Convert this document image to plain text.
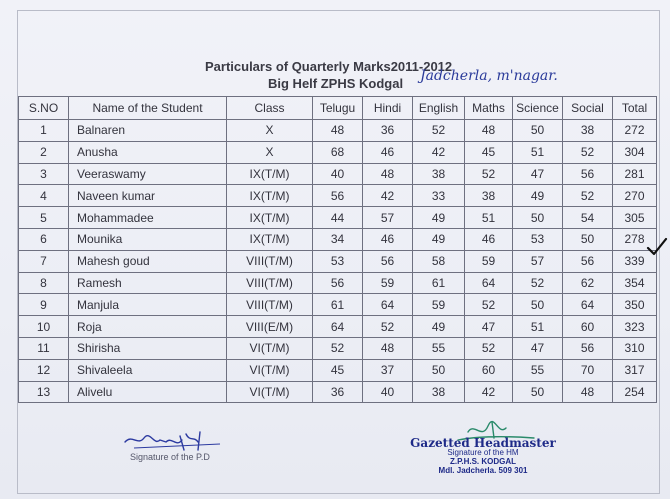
Particulars of Quarterly Marks2011-2012
Big Helf ZPHS Kodgal Jadcherla, m'nagar.
S.NO	Name of the Student	Class	Telugu	Hindi	English	Maths	Science	Social	Total
1	Balnaren	X	48	36	52	48	50	38	272
2	Anusha	X	68	46	42	45	51	52	304
3	Veeraswamy	IX(T/M)	40	48	38	52	47	56	281
4	Naveen kumar	IX(T/M)	56	42	33	38	49	52	270
5	Mohammadee	IX(T/M)	44	57	49	51	50	54	305
6	Mounika	IX(T/M)	34	46	49	46	53	50	278
7	Mahesh goud	VIII(T/M)	53	56	58	59	57	56	339
8	Ramesh	VIII(T/M)	56	59	61	64	52	62	354
9	Manjula	VIII(T/M)	61	64	59	52	50	64	350
10	Roja	VIII(E/M)	64	52	49	47	51	60	323
11	Shirisha	VI(T/M)	52	48	55	52	47	56	310
12	Shivaleela	VI(T/M)	45	37	50	60	55	70	317
13	Alivelu	VI(T/M)	36	40	38	42	50	48	254
Signature of the P.D
Gazetted Headmaster
Signature of the HM
Z.P.H.S. KODGAL
Mdl. Jadcherla. 509 301
